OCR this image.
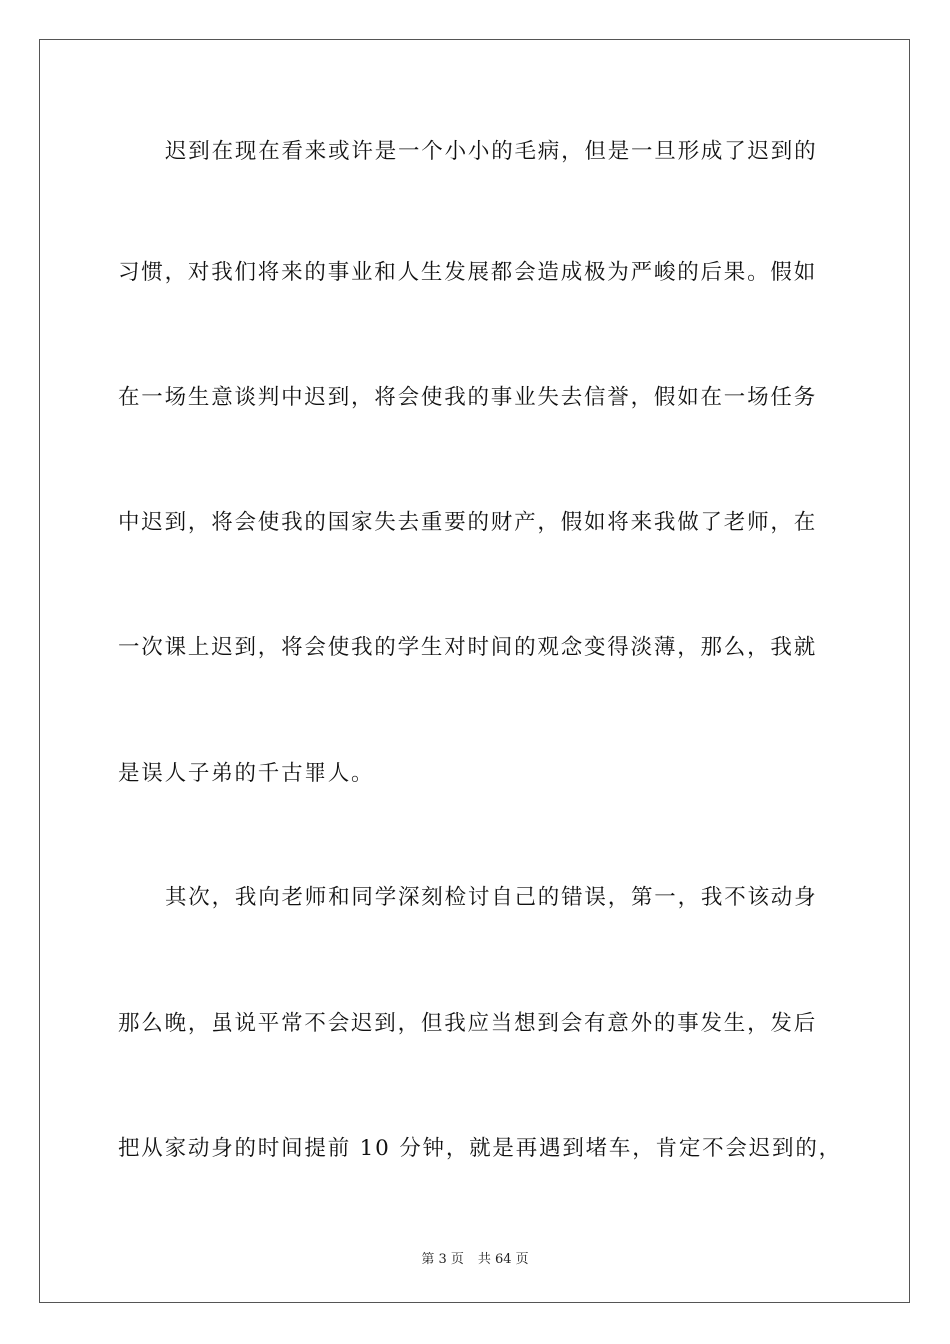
迟到在现在看来或许是一个小小的毛病，但是一旦形成了迟到的
习惯，对我们将来的事业和人生发展都会造成极为严峻的后果。假如
在一场生意谈判中迟到，将会使我的事业失去信誉，假如在一场任务
中迟到，将会使我的国家失去重要的财产，假如将来我做了老师，在
一次课上迟到，将会使我的学生对时间的观念变得淡薄，那么，我就
是误人子弟的千古罪人。
其次，我向老师和同学深刻检讨自己的错误，第一，我不该动身
那么晚，虽说平常不会迟到，但我应当想到会有意外的事发生，发后
把从家动身的时间提前 10 分钟，就是再遇到堵车，肯定不会迟到的，
第 3 页 共 64 页
